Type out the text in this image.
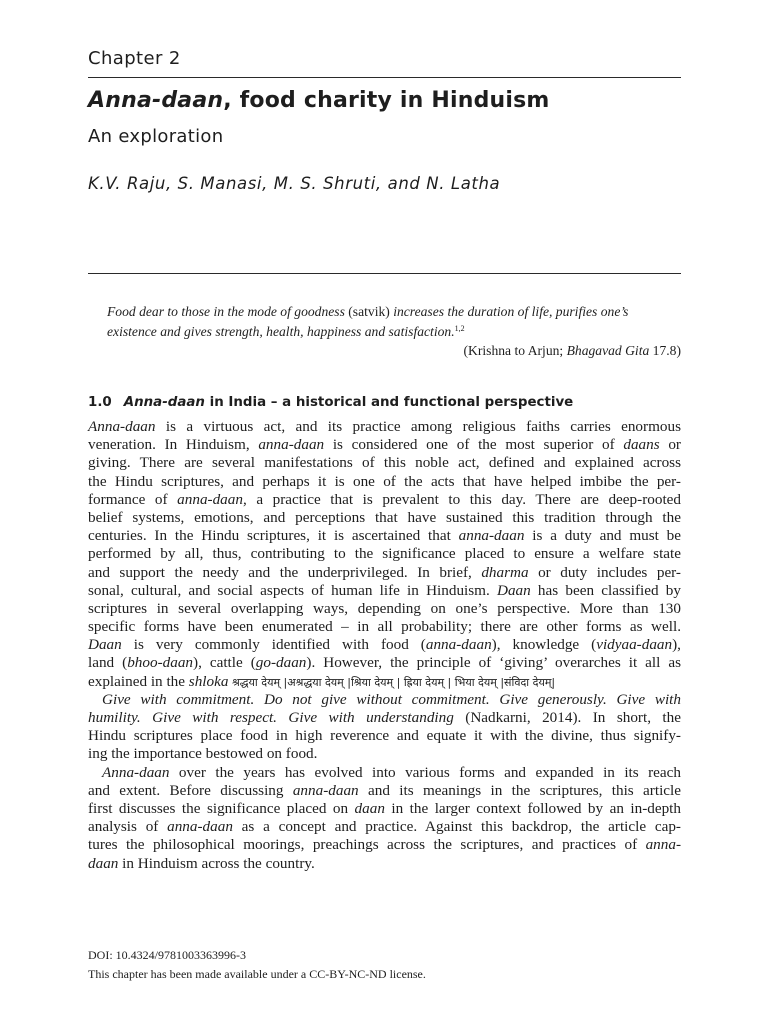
Chapter 2
Anna-daan, food charity in Hinduism
An exploration
K.V. Raju, S. Manasi, M. S. Shruti, and N. Latha
Food dear to those in the mode of goodness (satvik) increases the duration of life, purifies one’s existence and gives strength, health, happiness and satisfaction.$^{1,2}$
(Krishna to Arjun; Bhagavad Gita 17.8)
1.0 Anna-daan in India – a historical and functional perspective
Anna-daan is a virtuous act, and its practice among religious faiths carries enormous
veneration. In Hinduism, anna-daan is considered one of the most superior of daans or
giving. There are several manifestations of this noble act, defined and explained across
the Hindu scriptures, and perhaps it is one of the acts that have helped imbibe the per-
formance of anna-daan, a practice that is prevalent to this day. There are deep-rooted
belief systems, emotions, and perceptions that have sustained this tradition through the
centuries. In the Hindu scriptures, it is ascertained that anna-daan is a duty and must be
performed by all, thus, contributing to the significance placed to ensure a welfare state
and support the needy and the underprivileged. In brief, dharma or duty includes per-
sonal, cultural, and social aspects of human life in Hinduism. Daan has been classified by
scriptures in several overlapping ways, depending on one’s perspective. More than 130
specific forms have been enumerated – in all probability; there are other forms as well.
Daan is very commonly identified with food (anna-daan), knowledge (vidyaa-daan),
land (bhoo-daan), cattle (go-daan). However, the principle of ‘giving’ overarches it all as
explained in the shloka श्रद्धया देयम् |अश्रद्धया देयम् |श्रिया देयम् | ह्रिया देयम् | भिया देयम् |संविदा देयम्|
Give with commitment. Do not give without commitment. Give generously. Give with
humility. Give with respect. Give with understanding (Nadkarni, 2014). In short, the
Hindu scriptures place food in high reverence and equate it with the divine, thus signify-
ing the importance bestowed on food.
Anna-daan over the years has evolved into various forms and expanded in its reach
and extent. Before discussing anna-daan and its meanings in the scriptures, this article
first discusses the significance placed on daan in the larger context followed by an in-depth
analysis of anna-daan as a concept and practice. Against this backdrop, the article cap-
tures the philosophical moorings, preachings across the scriptures, and practices of anna-
daan in Hinduism across the country.
DOI: 10.4324/9781003363996-3
This chapter has been made available under a CC-BY-NC-ND license.
